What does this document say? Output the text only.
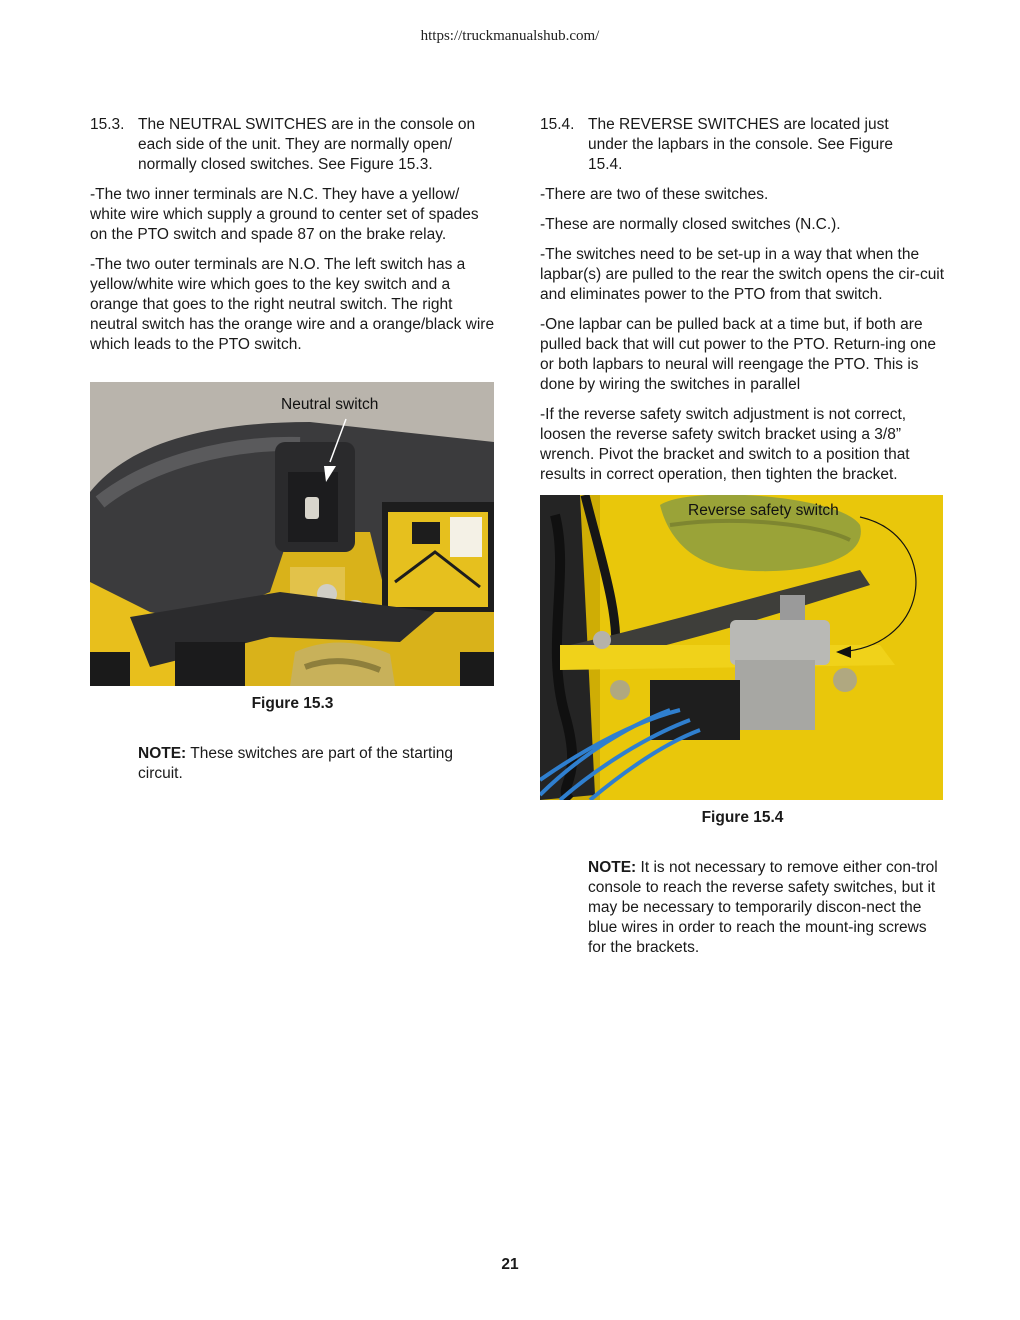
https://truckmanualshub.com/
15.3. The NEUTRAL SWITCHES are in the console on each side of the unit. They are normally open/ normally closed switches. See Figure 15.3.

-The two inner terminals are N.C. They have a yellow/ white wire which supply a ground to center set of spades on the PTO switch and spade 87 on the brake relay.

-The two outer terminals are N.O. The left switch has a yellow/white wire which goes to the key switch and a orange that goes to the right neutral switch. The right neutral switch has the orange wire and a orange/black wire which leads to the PTO switch.

Neutral switch
Figure 15.3

NOTE: These switches are part of the starting circuit.

15.4. The REVERSE SWITCHES are located just under the lapbars in the console. See Figure 15.4.

-There are two of these switches.

-These are normally closed switches (N.C.).

-The switches need to be set-up in a way that when the lapbar(s) are pulled to the rear the switch opens the cir-cuit and eliminates power to the PTO from that switch.

-One lapbar can be pulled back at a time but, if both are pulled back that will cut power to the PTO. Return-ing one or both lapbars to neural will reengage the PTO. This is done by wiring the switches in parallel

-If the reverse safety switch adjustment is not correct, loosen the reverse safety switch bracket using a 3/8” wrench. Pivot the bracket and switch to a position that results in correct operation, then tighten the bracket.

Reverse safety switch
Figure 15.4

NOTE: It is not necessary to remove either con-trol console to reach the reverse safety switches, but it may be necessary to temporarily discon-nect the blue wires in order to reach the mount-ing screws for the brackets.

21
